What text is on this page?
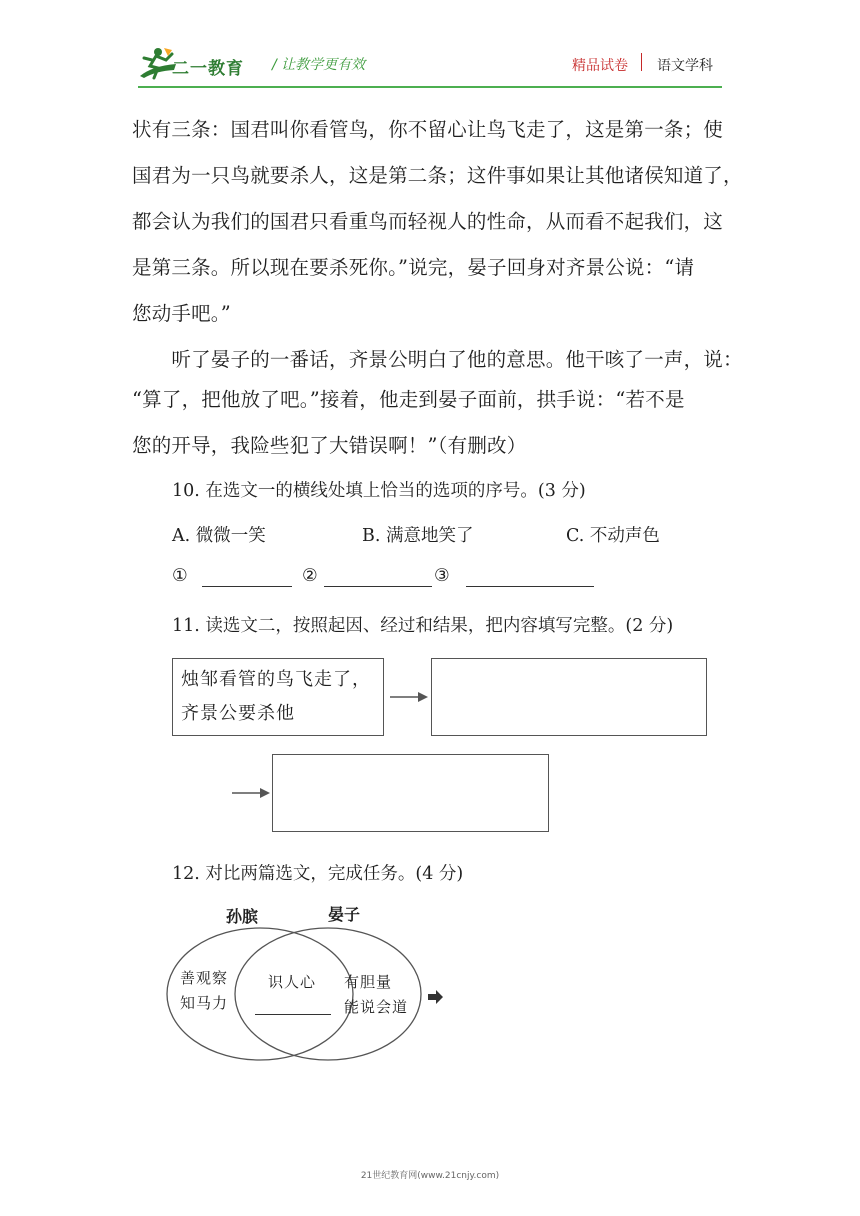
二一教育 / 让教学更有效	精品试卷 语文学科
状有三条：国君叫你看管鸟，你不留心让鸟飞走了，这是第一条；使
国君为一只鸟就要杀人，这是第二条；这件事如果让其他诸侯知道了，
都会认为我们的国君只看重鸟而轻视人的性命，从而看不起我们，这
是第三条。所以现在要杀死你。”说完，晏子回身对齐景公说：“请
您动手吧。”
　　听了晏子的一番话，齐景公明白了他的意思。他干咳了一声，说：
“算了，把他放了吧。”接着，他走到晏子面前，拱手说：“若不是
您的开导，我险些犯了大错误啊！”（有删改）
10. 在选文一的横线处填上恰当的选项的序号。(3 分)
A. 微微一笑	B. 满意地笑了	C. 不动声色
①	②	③
11. 读选文二，按照起因、经过和结果，把内容填写完整。(2 分)
烛邹看管的鸟飞走了，
齐景公要杀他
12. 对比两篇选文，完成任务。(4 分)
孙膑	晏子
善观察
知马力
识人心 有胆量
能说会道
21世纪教育网(www.21cnjy.com)
